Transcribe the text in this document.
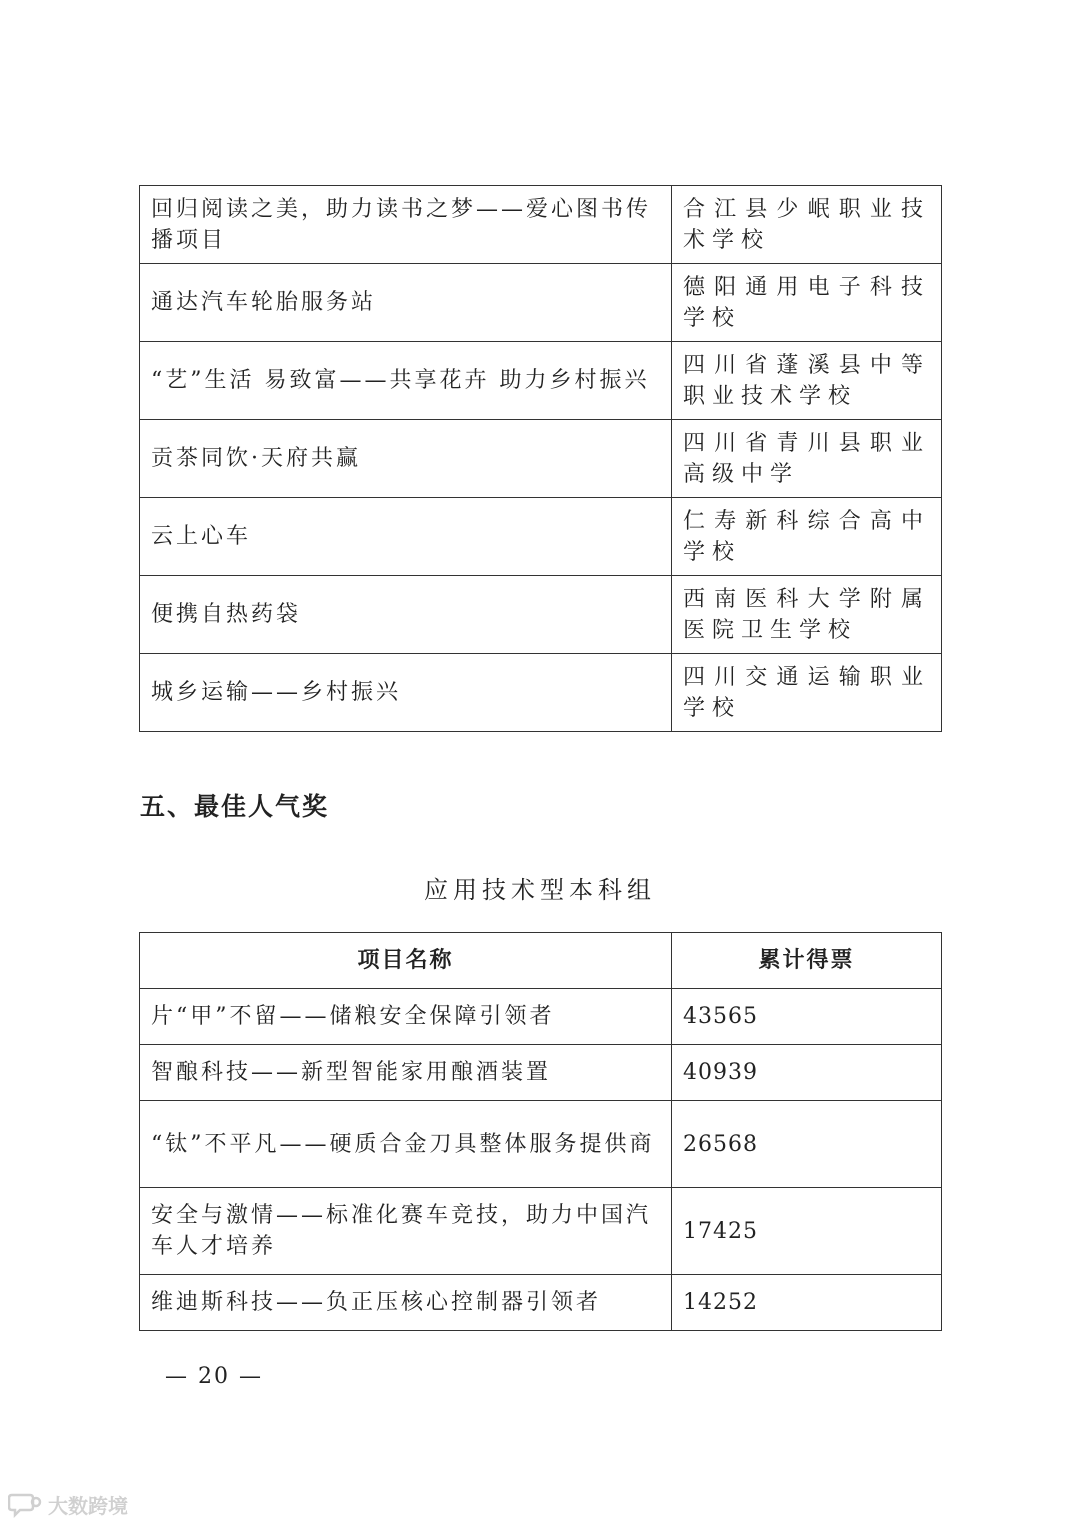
回归阅读之美，助力读书之梦——爱心图书传播项目	合江县少岷职业技术学校
通达汽车轮胎服务站	德阳通用电子科技学校
“艺”生活 易致富——共享花卉 助力乡村振兴	四川省蓬溪县中等职业技术学校
贡茶同饮·天府共赢	四川省青川县职业高级中学
云上心车	仁寿新科综合高中学校
便携自热药袋	西南医科大学附属医院卫生学校
城乡运输——乡村振兴	四川交通运输职业学校
五、最佳人气奖
应用技术型本科组
项目名称	累计得票
片“甲”不留——储粮安全保障引领者	43565
智酿科技——新型智能家用酿酒装置	40939
“钛”不平凡——硬质合金刀具整体服务提供商	26568
安全与激情——标准化赛车竞技，助力中国汽车人才培养	17425
维迪斯科技——负正压核心控制器引领者	14252
— 20 —
大数跨境
